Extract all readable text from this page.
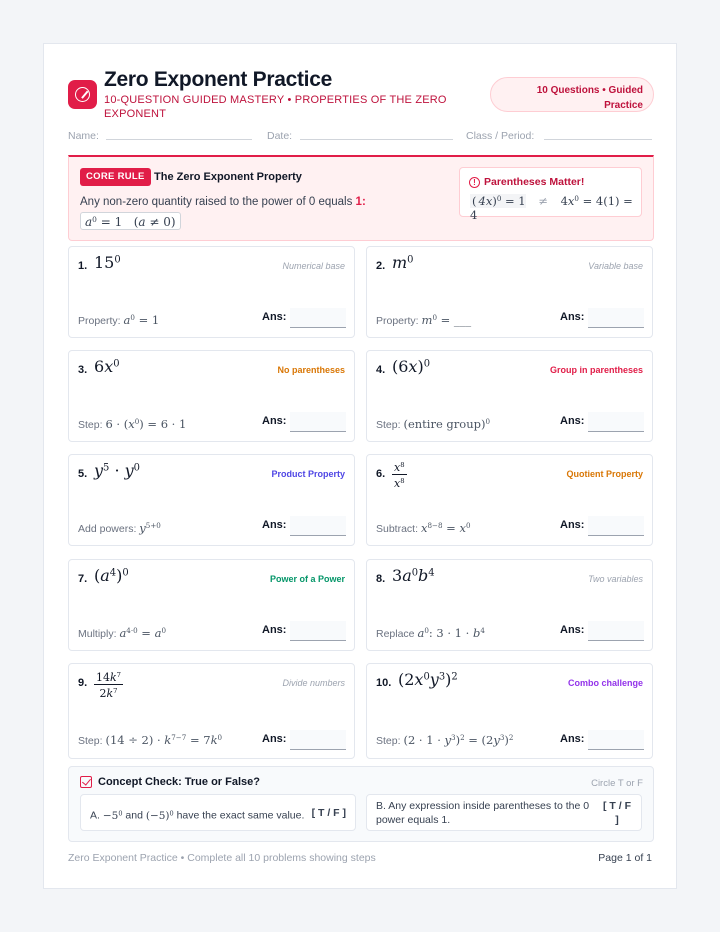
Zero Exponent Practice
10-QUESTION GUIDED MASTERY • PROPERTIES OF THE ZERO EXPONENT
10 Questions • Guided Practice
Name:	Date:	Class / Period:
CORE RULE The Zero Exponent Property
Any non-zero quantity raised to the power of 0 equals 1: $a^0 = 1$ (a ≠ 0)
! Parentheses Matter!
( $4x)^0 = 1 \ne 4x^0 = 4(1) = 4$
1. $15^0$
Numerical base
Property: $a^0 = 1$	Ans:
2. $m^0$
Variable base
Property: $m^0$ = ___	Ans:
3. $6x^0$
No parentheses
Step: $6 \cdot (x^0) = 6 \cdot 1$	Ans:
4. $(6x)^0$
Group in parentheses
Step: (entire group)$^0$	Ans:
5. $y^5 \cdot y^0$
Product Property
Add powers: $y^{5+0}$	Ans:
6. $\frac{x^8}{x^8}$	Quotient Property
Subtract: $x^{8-8} = x^0$	Ans:
7. $(a^4)^0$
Power of a Power
Multiply: $a^{4\cdot 0} = a^0$	Ans:
8. $3a^0b^4$
Two variables
Replace $a^0$: $3 \cdot 1 \cdot b^4$	Ans:
9. $\frac{14k^7}{2k^7}$	Divide numbers
Step: $(14 \div 2) \cdot k^{7-7} = 7k^0$	Ans:
10. $(2x^0y^3)^2$
Combo challenge
Step: $(2 \cdot 1 \cdot y^3)^2 = (2y^3)^2$	Ans:
Concept Check: True or False?	Circle T or F
A. $-5^0$ and $(-5)^0$ have the exact same value. [ T / F ]
B. Any expression inside parentheses to the 0 power equals 1.
[ T / F ]
Zero Exponent Practice • Complete all 10 problems showing steps	Page 1 of 1
